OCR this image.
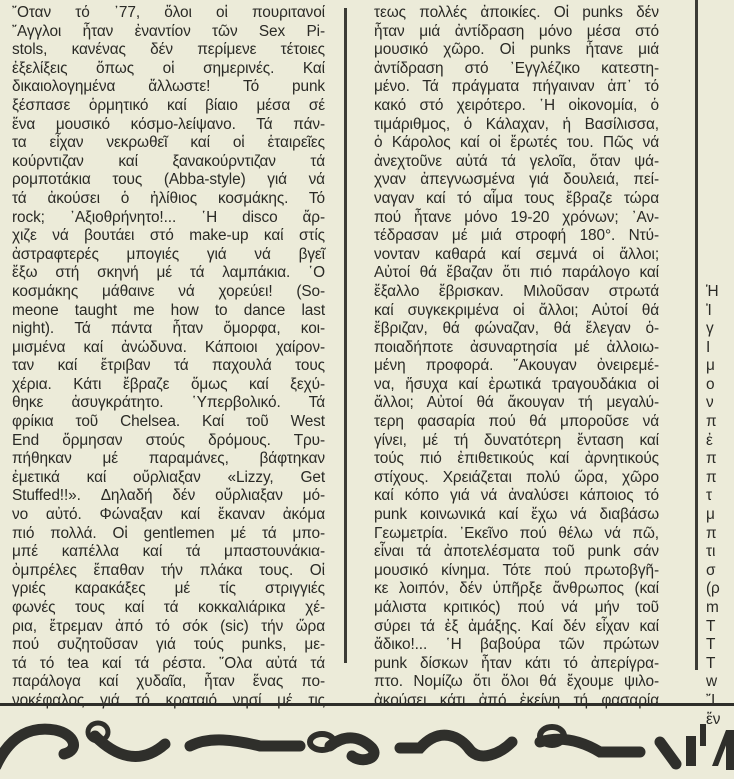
῎Οταν τό ᾽77, ὅλοι οἱ πουριτανοί
῎Αγγλοι ἦταν ἐναντίον τῶν Sex Pi-
stols, κανένας δέν περίμενε τέτοιες
ἐξελίξεις ὅπως οἱ σημερινές. Καί
δικαιολογημένα ἄλλωστε! Τό punk
ξέσπασε ὁρμητικό καί βίαιο μέσα σέ
ἕνα μουσικό κόσμο-λείψανο. Τά πάν-
τα εἶχαν νεκρωθεῖ καί οἱ ἑταιρεῖες
κούρντιζαν καί ξανακούρντιζαν τά
ρομποτάκια τους (Abba-style) γιά νά
τά ἀκούσει ὁ ἠλίθιος κοσμάκης. Τό
rock; ᾽Αξιοθρήνητο!... ῾Η disco ἄρ-
χιζε νά βουτάει στό make-up καί στίς
ἀστραφτερές μπογιές γιά νά βγεῖ
ἔξω στή σκηνή μέ τά λαμπάκια. ῾Ο
κοσμάκης μάθαινε νά χορεύει! (So-
meone taught me how to dance last
night). Τά πάντα ἦταν ὄμορφα, κοι-
μισμένα καί ἀνώδυνα. Κάποιοι χαίρον-
ταν καί ἔτριβαν τά παχουλά τους
χέρια. Κάτι ἔβραζε ὅμως καί ξεχύ-
θηκε ἀσυγκράτητο. ῾Υπερβολικό. Τά
φρίκια τοῦ Chelsea. Καί τοῦ West
End ὅρμησαν στούς δρόμους. Τρυ-
πήθηκαν μέ παραμάνες, βάφτηκαν
ἐμετικά καί οὔρλιαξαν «Lizzy, Get
Stuffed!!». Δηλαδή δέν οὔρλιαξαν μό-
νο αὐτό. Φώναξαν καί ἔκαναν ἀκόμα
πιό πολλά. Οἱ gentlemen μέ τά μπο-
μπέ καπέλλα καί τά μπαστουνάκια-
ὀμπρέλες ἔπαθαν τήν πλάκα τους. Οἱ
γριές καρακάξες μέ τίς στριγγιές
φωνές τους καί τά κοκκαλιάρικα χέ-
ρια, ἔτρεμαν ἀπό τό σόκ (sic) τήν ὥρα
πού συζητοῦσαν γιά τούς punks, με-
τά τό tea καί τά ρέστα. ῞Ολα αὐτά τά
παράλογα καί χυδαῖα, ἦταν ἕνας πο-
νοκέφαλος γιά τό κραταιό νησί μέ τις
τεως πολλές ἀποικίες. Οἱ punks δέν
ἦταν μιά ἀντίδραση μόνο μέσα στό
μουσικό χῶρο. Οἱ punks ἦτανε μιά
ἀντίδραση στό ᾽Εγγλέζικο κατεστη-
μένο. Τά πράγματα πήγαιναν ἀπ᾽ τό
κακό στό χειρότερο. ῾Η οἰκονομία, ὁ
τιμάριθμος, ὁ Κάλαχαν, ἡ Βασίλισσα,
ὁ Κάρολος καί οἱ ἔρωτές του. Πῶς νά
ἀνεχτοῦνε αὐτά τά γελοῖα, ὅταν ψά-
χναν ἀπεγνωσμένα γιά δουλειά, πεί-
ναγαν καί τό αἷμα τους ἔβραζε τώρα
πού ἦτανε μόνο 19-20 χρόνων; ᾽Αν-
τέδρασαν μέ μιά στροφή 180°. Ντύ-
νονταν καθαρά καί σεμνά οἱ ἄλλοι;
Αὐτοί θά ἔβαζαν ὅτι πιό παράλογο καί
ἔξαλλο ἔβρισκαν. Μιλοῦσαν στρωτά
καί συγκεκριμένα οἱ ἄλλοι; Αὐτοί θά
ἔβριζαν, θά φώναζαν, θά ἔλεγαν ὁ-
ποιαδήποτε ἀσυναρτησία μέ ἀλλοιω-
μένη προφορά. ῎Ακουγαν ὀνειρεμέ-
να, ἥσυχα καί ἐρωτικά τραγουδάκια οἱ
ἄλλοι; Αὐτοί θά ἄκουγαν τή μεγαλύ-
τερη φασαρία πού θά μποροῦσε νά
γίνει, μέ τή δυνατότερη ἔνταση καί
τούς πιό ἐπιθετικούς καί ἀρνητικούς
στίχους. Χρειάζεται πολύ ὥρα, χῶρο
καί κόπο γιά νά ἀναλύσει κάποιος τό
punk κοινωνικά καί ἔχω νά διαβάσω
Γεωμετρία. ᾽Εκεῖνο πού θέλω νά πῶ,
εἶναι τά ἀποτελέσματα τοῦ punk σάν
μουσικό κίνημα. Τότε πού πρωτοβγῆ-
κε λοιπόν, δέν ὑπῆρξε ἄνθρωπος (καί
μάλιστα κριτικός) πού νά μήν τοῦ
σύρει τά ἐξ ἀμάξης. Καί δέν εἶχαν καί
ἄδικο!... ῾Η βαβούρα τῶν πρώτων
punk δίσκων ἦταν κάτι τό ἀπερίγρα-
πτο. Νομίζω ὅτι ὅλοι θά ἔχουμε ψιλο-
ἀκούσει κάτι ἀπό ἐκείνη τή φασαρία
Ἡ
Ἰ
γ
Ι
μ
ο
ν
π
ἐ
π
π
τ
μ
π
τι
σ
(ρ
m
Τ
Τ
Τ
w
῎Ι
ἕν
